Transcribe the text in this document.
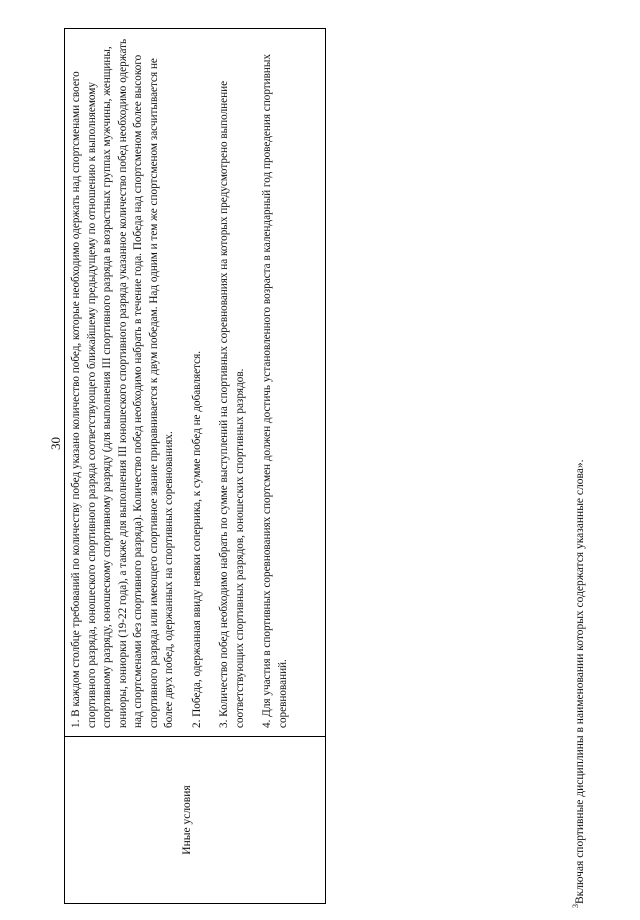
30
Иные условия

1. В каждом столбце требований по количеству побед указано количество побед, которые необходимо одержать над спортсменами своего спортивного разряда, юношеского спортивного разряда соответствующего ближайшему предыдущему по отношению к выполняемому спортивному разряду, юношескому спортивному разряду (для выполнения III спортивного разряда в возрастных группах мужчины, женщины, юниоры, юниорки (19-22 года), а также для выполнения III юношеского спортивного разряда указанное количество побед необходимо одержать над спортсменами без спортивного разряда). Количество побед необходимо набрать в течение года. Победа над спортсменом более высокого спортивного разряда или имеющего спортивное звание приравнивается к двум победам. Над одним и тем же спортсменом засчитывается не более двух побед, одержанных на спортивных соревнованиях. 2. Победа, одержанная ввиду неявки соперника, к сумме побед не добавляется. 3. Количество побед необходимо набрать по сумме выступлений на спортивных соревнованиях на которых предусмотрено выполнение соответствующих спортивных разрядов, юношеских спортивных разрядов. 4. Для участия в спортивных соревнованиях спортсмен должен достичь установленного возраста в календарный год проведения спортивных соревнований.

$^3$Включая спортивные дисциплины в наименовании которых содержатся указанные слова».
